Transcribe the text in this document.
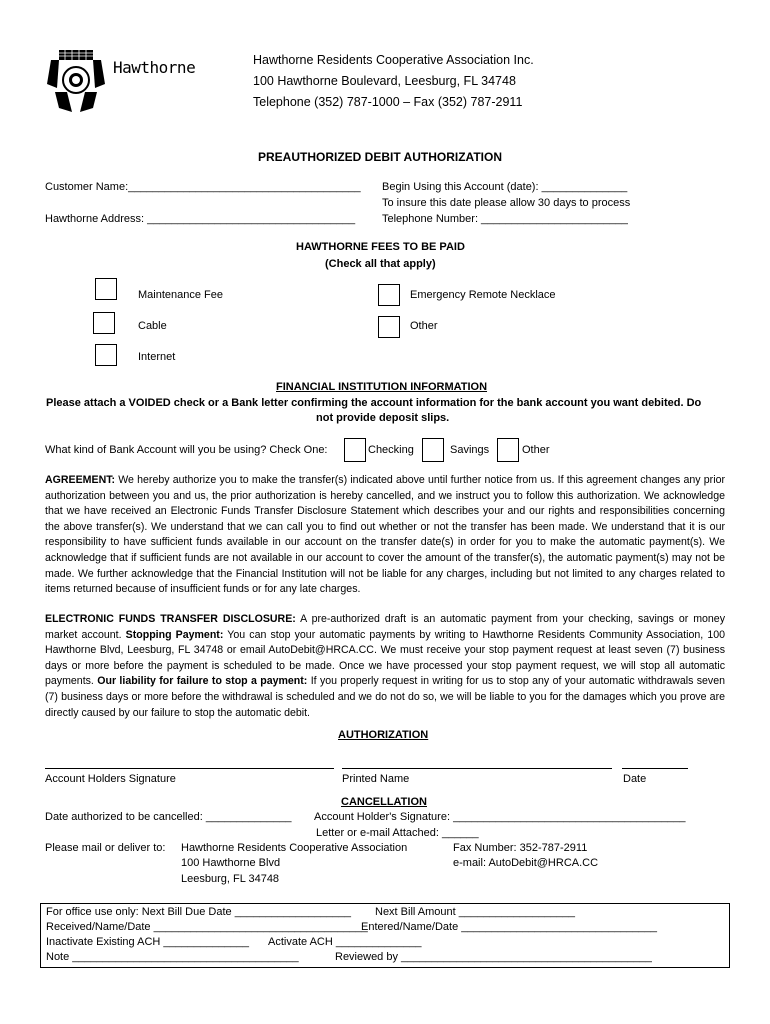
Hawthorne	Hawthorne Residents Cooperative Association Inc.
100 Hawthorne Boulevard, Leesburg, FL 34748
Telephone (352) 787-1000 – Fax (352) 787-2911
PREAUTHORIZED DEBIT AUTHORIZATION
Customer Name:______________________________________ Begin Using this Account (date): ______________
To insure this date please allow 30 days to process
Hawthorne Address: __________________________________ Telephone Number: ________________________
HAWTHORNE FEES TO BE PAID
(Check all that apply)
Maintenance Fee	Emergency Remote Necklace
Cable	Other
Internet
FINANCIAL INSTITUTION INFORMATION
Please attach a VOIDED check or a Bank letter confirming the account information for the bank account you want debited. Do
not provide deposit slips.
What kind of Bank Account will you be using? Check One:	Checking	Savings	Other
AGREEMENT: We hereby authorize you to make the transfer(s) indicated above until further notice from us. If this agreement changes any prior authorization between you and us, the prior authorization is hereby cancelled, and we instruct you to follow this authorization. We acknowledge that we have received an Electronic Funds Transfer Disclosure Statement which describes your and our rights and responsibilities concerning the above transfer(s). We understand that we can call you to find out whether or not the transfer has been made. We understand that it is our responsibility to have sufficient funds available in our account on the transfer date(s) in order for you to make the automatic payment(s). We acknowledge that if sufficient funds are not available in our account to cover the amount of the transfer(s), the automatic payment(s) may not be made. We further acknowledge that the Financial Institution will not be liable for any charges, including but not limited to any charges related to items returned because of insufficient funds or for any late charges.
ELECTRONIC FUNDS TRANSFER DISCLOSURE: A pre-authorized draft is an automatic payment from your checking, savings or money market account. Stopping Payment: You can stop your automatic payments by writing to Hawthorne Residents Community Association, 100 Hawthorne Blvd, Leesburg, FL 34748 or email AutoDebit@HRCA.CC. We must receive your stop payment request at least seven (7) business days or more before the payment is scheduled to be made. Once we have processed your stop payment request, we will stop all automatic payments. Our liability for failure to stop a payment: If you properly request in writing for us to stop any of your automatic withdrawals seven (7) business days or more before the withdrawal is scheduled and we do not do so, we will be liable to you for the damages which you prove are directly caused by our failure to stop the automatic debit.
AUTHORIZATION
Account Holders Signature	Printed Name	Date
CANCELLATION
Date authorized to be cancelled: ______________ Account Holder's Signature: ______________________________________
Letter or e-mail Attached: ______
Please mail or deliver to: Hawthorne Residents Cooperative Association
100 Hawthorne Blvd
Leesburg, FL 34748
Fax Number: 352-787-2911
e-mail: AutoDebit@HRCA.CC
For office use only: Next Bill Due Date ___________________ Next Bill Amount ___________________
Received/Name/Date ___________________________________
Entered/Name/Date ________________________________
Inactivate Existing ACH ______________ Activate ACH ______________
Note _____________________________________	Reviewed by _________________________________________
